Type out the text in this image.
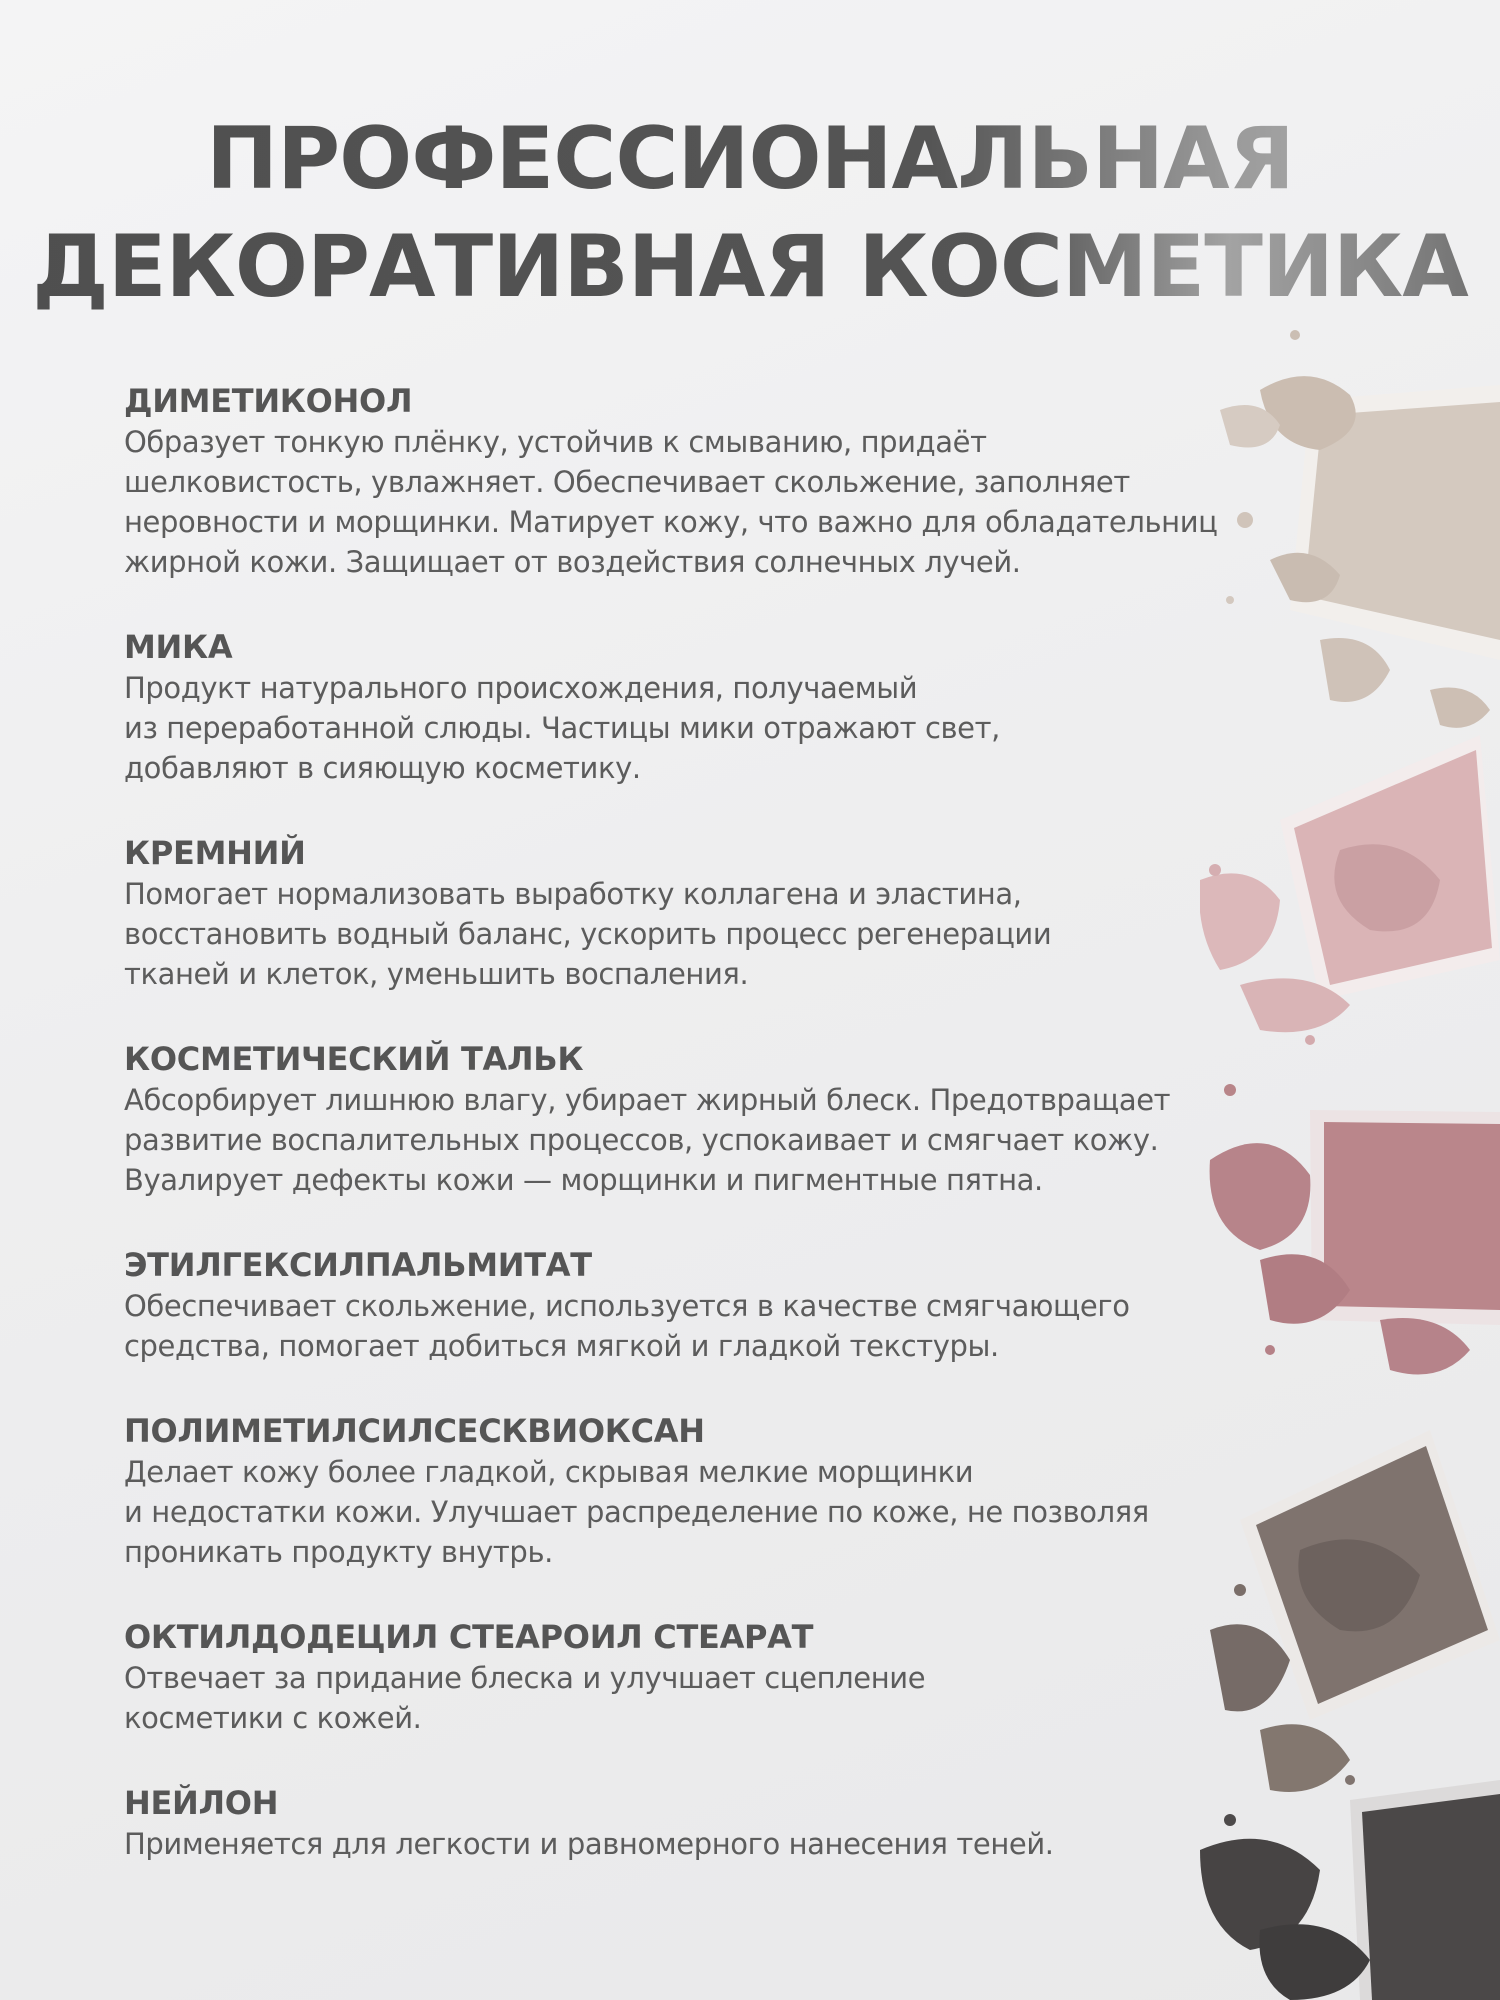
ПРОФЕССИОНАЛЬНАЯ
ДЕКОРАТИВНАЯ КОСМЕТИКА
ДИМЕТИКОНОЛ

Образует тонкую плёнку, устойчив к смыванию, придаёт
шелковистость, увлажняет. Обеспечивает скольжение, заполняет
неровности и морщинки. Матирует кожу, что важно для обладательниц
жирной кожи. Защищает от воздействия солнечных лучей.

МИКА

Продукт натурального происхождения, получаемый
из переработанной слюды. Частицы мики отражают свет,
добавляют в сияющую косметику.

КРЕМНИЙ

Помогает нормализовать выработку коллагена и эластина,
восстановить водный баланс, ускорить процесс регенерации
тканей и клеток, уменьшить воспаления.

КОСМЕТИЧЕСКИЙ ТАЛЬК

Абсорбирует лишнюю влагу, убирает жирный блеск. Предотвращает
развитие воспалительных процессов, успокаивает и смягчает кожу.
Вуалирует дефекты кожи — морщинки и пигментные пятна.

ЭТИЛГЕКСИЛПАЛЬМИТАТ

Обеспечивает скольжение, используется в качестве смягчающего
средства, помогает добиться мягкой и гладкой текстуры.

ПОЛИМЕТИЛСИЛСЕСКВИОКСАН

Делает кожу более гладкой, скрывая мелкие морщинки
и недостатки кожи. Улучшает распределение по коже, не позволяя
проникать продукту внутрь.

ОКТИЛДОДЕЦИЛ СТЕАРОИЛ СТЕАРАТ

Отвечает за придание блеска и улучшает сцепление
косметики с кожей.

НЕЙЛОН

Применяется для легкости и равномерного нанесения теней.
